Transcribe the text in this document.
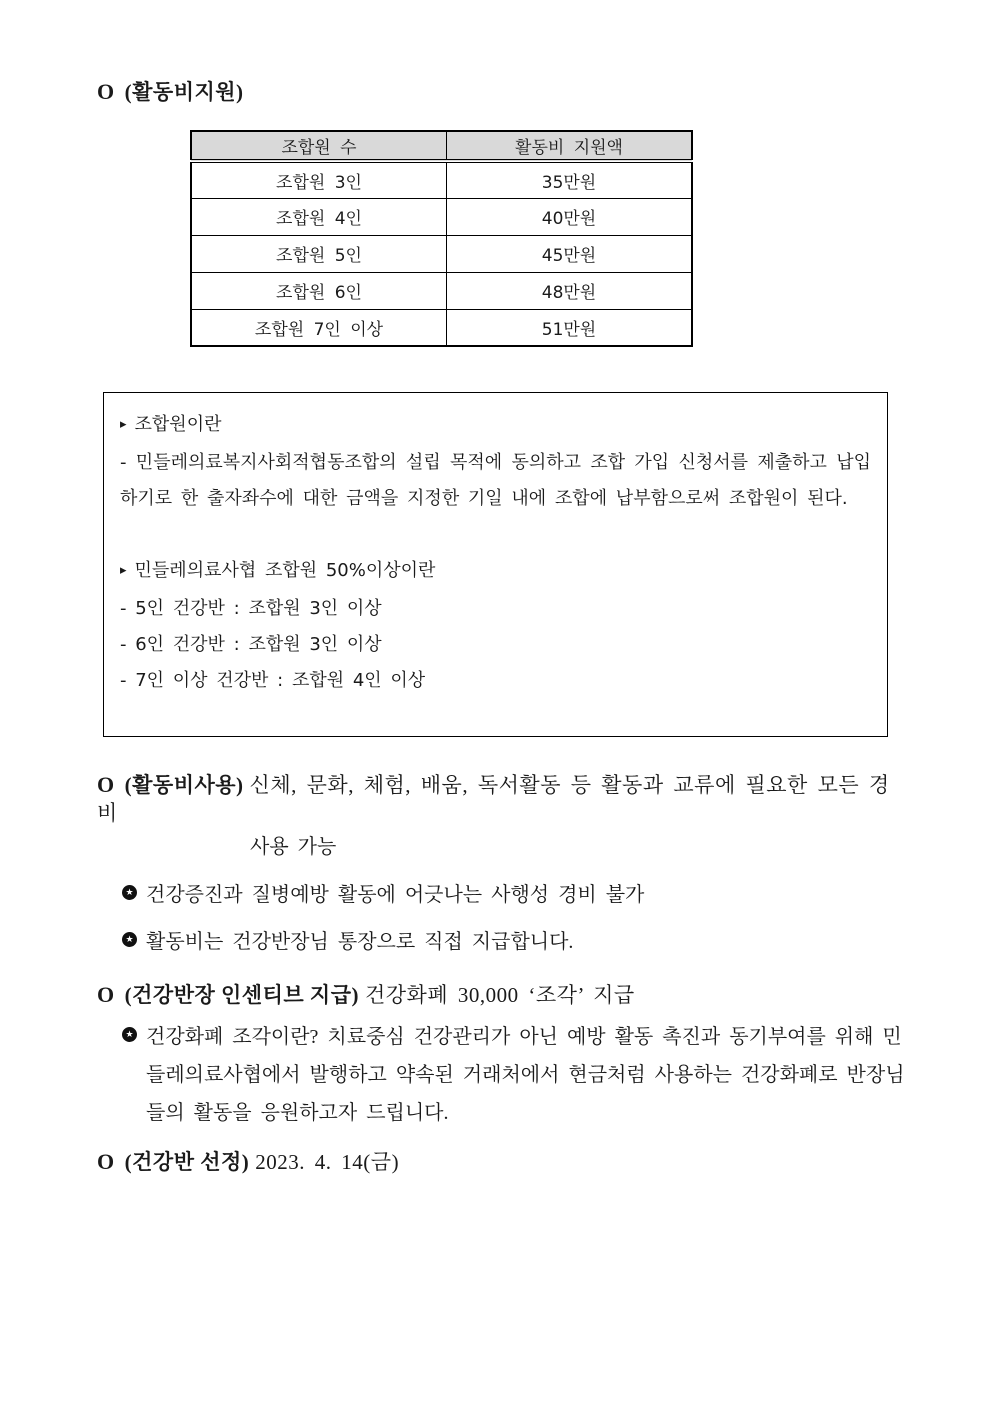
O (활동비지원)
조합원 수	활동비 지원액
조합원 3인	35만원
조합원 4인	40만원
조합원 5인	45만원
조합원 6인	48만원
조합원 7인 이상	51만원
▸ 조합원이란
- 민들레의료복지사회적협동조합의 설립 목적에 동의하고 조합 가입 신청서를 제출하고 납입하기로 한 출자좌수에 대한 금액을 지정한 기일 내에 조합에 납부함으로써 조합원이 된다.
▸ 민들레의료사협 조합원 50%이상이란
- 5인 건강반 : 조합원 3인 이상
- 6인 건강반 : 조합원 3인 이상
- 7인 이상 건강반 : 조합원 4인 이상
O (활동비사용) 신체, 문화, 체험, 배움, 독서활동 등 활동과 교류에 필요한 모든 경비
사용 가능
★ 건강증진과 질병예방 활동에 어긋나는 사행성 경비 불가
★ 활동비는 건강반장님 통장으로 직접 지급합니다.
O (건강반장 인센티브 지급) 건강화폐 30,000 ‘조각’ 지급
★ 건강화폐 조각이란? 치료중심 건강관리가 아닌 예방 활동 촉진과 동기부여를 위해 민들레의료사협에서 발행하고 약속된 거래처에서 현금처럼 사용하는 건강화폐로 반장님들의 활동을 응원하고자 드립니다.
O (건강반 선정) 2023. 4. 14(금)
